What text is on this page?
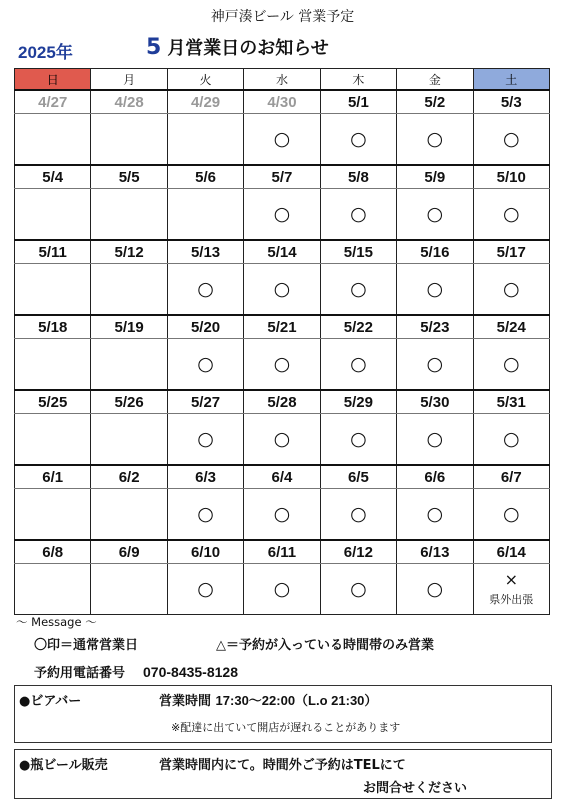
神戸湊ビール 営業予定
2025年	5 月営業日のお知らせ
日	月	火	水	木	金	土
4/27	4/28	4/29	4/30	5/1	5/2	5/3
			○	○	○	○
5/4	5/5	5/6	5/7	5/8	5/9	5/10
			○	○	○	○
5/11	5/12	5/13	5/14	5/15	5/16	5/17
		○	○	○	○	○
5/18	5/19	5/20	5/21	5/22	5/23	5/24
		○	○	○	○	○
5/25	5/26	5/27	5/28	5/29	5/30	5/31
		○	○	○	○	○
6/1	6/2	6/3	6/4	6/5	6/6	6/7
		○	○	○	○	○
6/8	6/9	6/10	6/11	6/12	6/13	6/14
		○	○	○	○	×
県外出張
～ Message ～
〇印＝通常営業日	△＝予約が入っている時間帯のみ営業
予約用電話番号 070-8435-8128
●ビアバー	営業時間 17:30～22:00（L.o 21:30）
※配達に出ていて開店が遅れることがあります
●瓶ビール販売	営業時間内にて。時間外ご予約はTELにて
お問合せください
